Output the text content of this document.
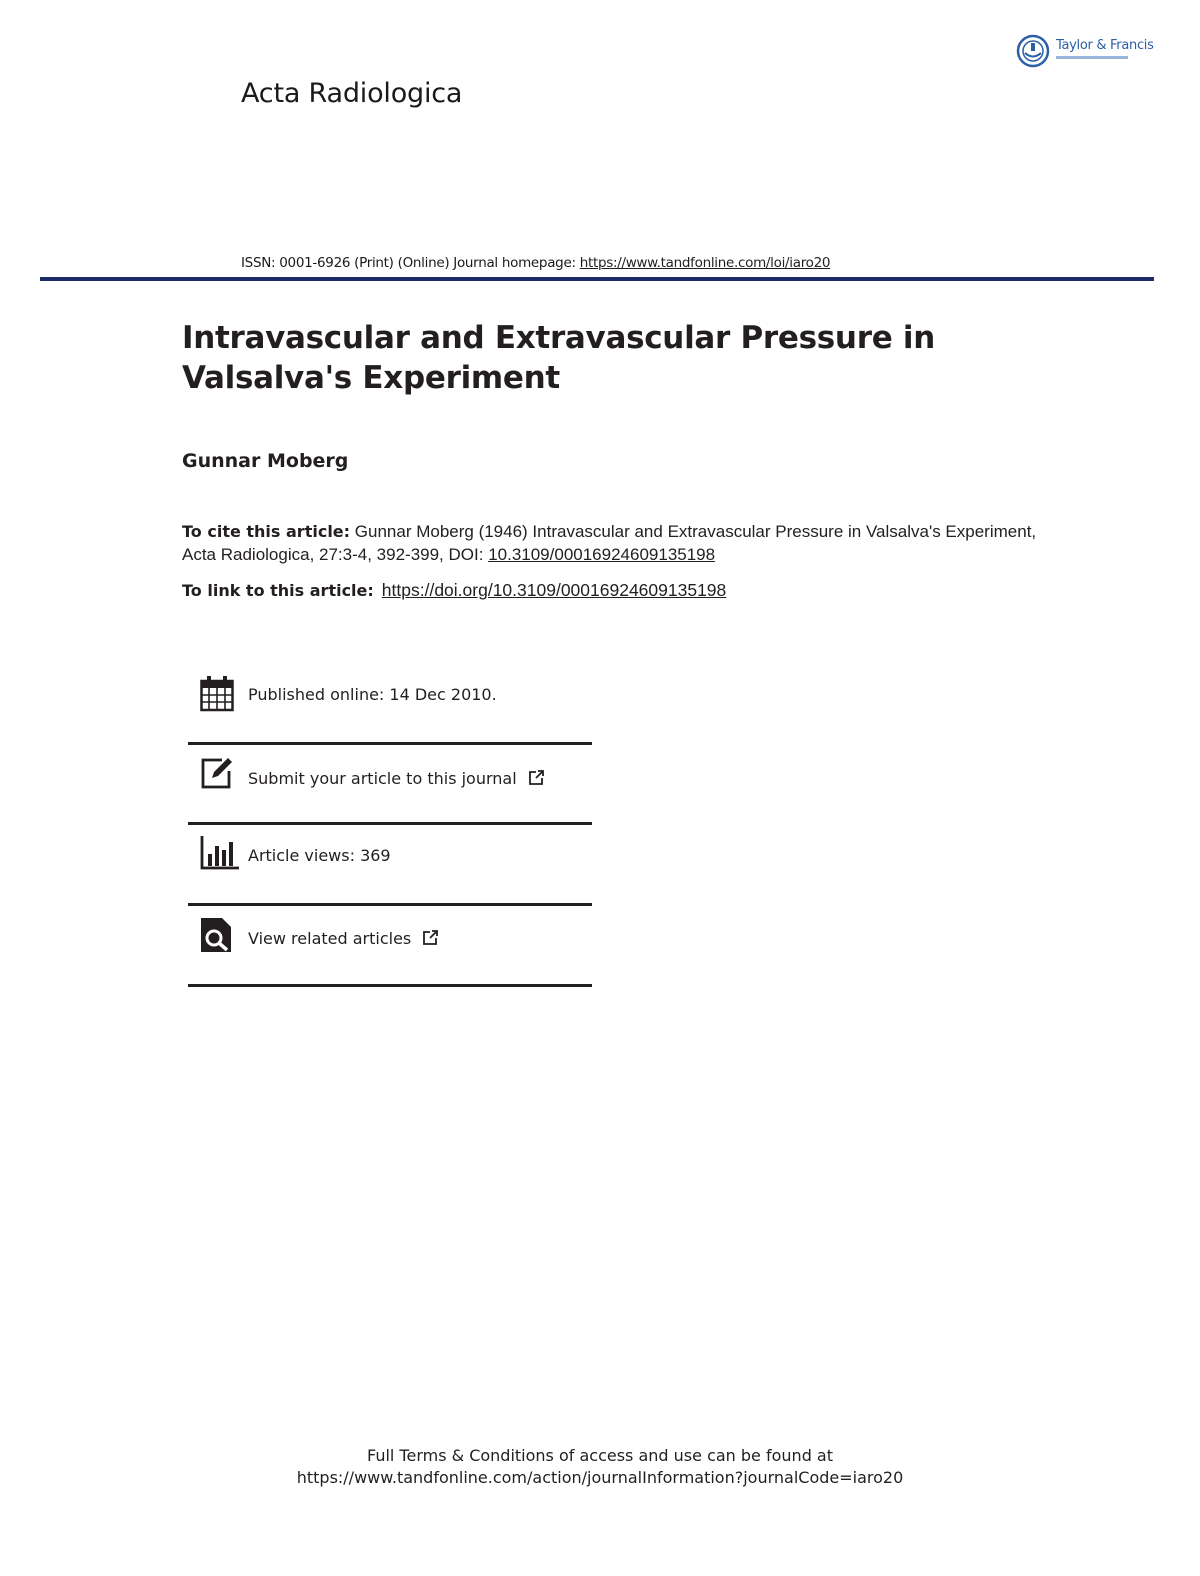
Taylor & Francis
Acta Radiologica
ISSN: 0001-6926 (Print) (Online) Journal homepage: https://www.tandfonline.com/loi/iaro20
Intravascular and Extravascular Pressure in
Valsalva's Experiment
Gunnar Moberg
To cite this article: Gunnar Moberg (1946) Intravascular and Extravascular Pressure in Valsalva's Experiment, Acta Radiologica, 27:3-4, 392-399, DOI: 10.3109/00016924609135198
To link to this article: https://doi.org/10.3109/00016924609135198
Published online: 14 Dec 2010.
Submit your article to this journal
Article views: 369
View related articles
Full Terms & Conditions of access and use can be found at
https://www.tandfonline.com/action/journalInformation?journalCode=iaro20
